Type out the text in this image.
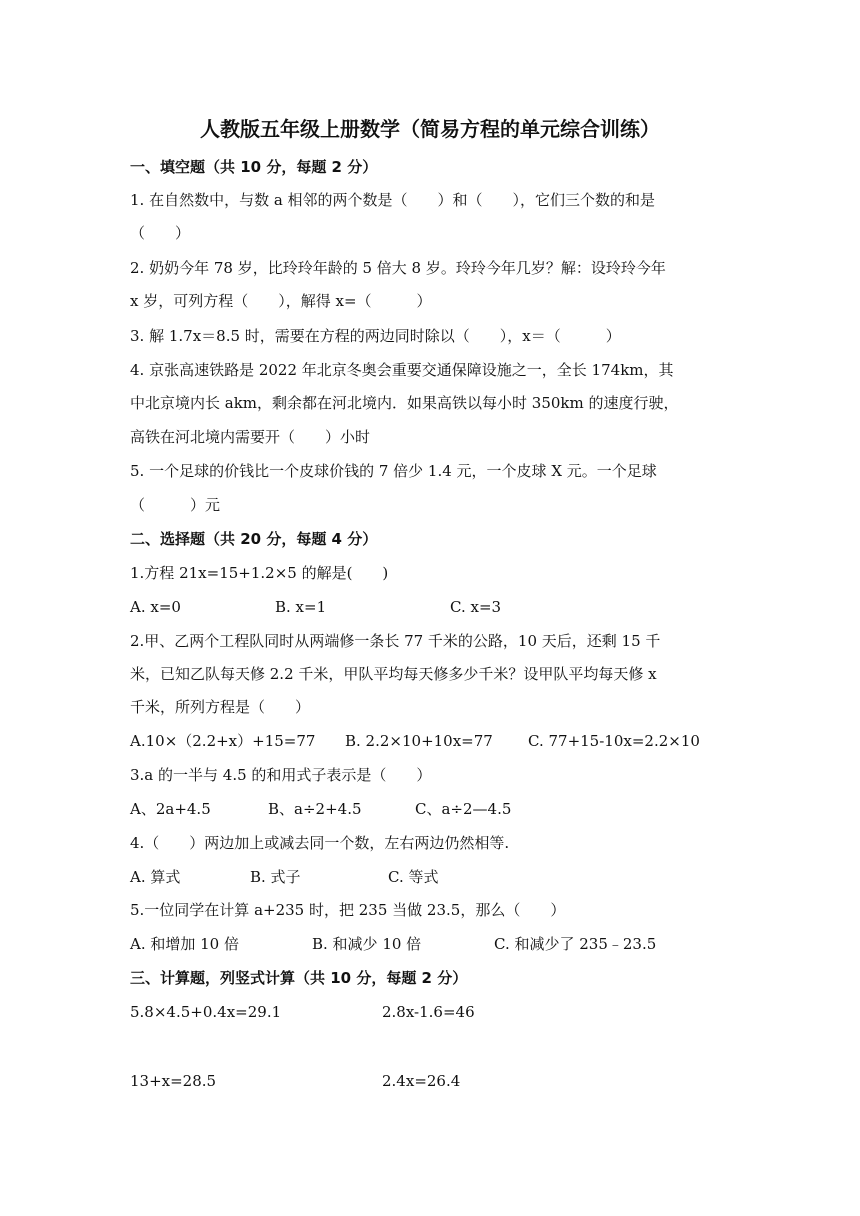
人教版五年级上册数学（简易方程的单元综合训练）
一、填空题（共 10 分，每题 2 分）
1. 在自然数中，与数 a 相邻的两个数是（　　）和（　　），它们三个数的和是
（　　）
2. 奶奶今年 78 岁，比玲玲年龄的 5 倍大 8 岁。玲玲今年几岁？解：设玲玲今年
x 岁，可列方程（　　），解得 x=（　　　）
3. 解 1.7x＝8.5 时，需要在方程的两边同时除以（　　），x＝（　　　）
4. 京张高速铁路是 2022 年北京冬奥会重要交通保障设施之一，全长 174km，其
中北京境内长 akm，剩余都在河北境内．如果高铁以每小时 350km 的速度行驶，
高铁在河北境内需要开（　　）小时
5. 一个足球的价钱比一个皮球价钱的 7 倍少 1.4 元，一个皮球 X 元。一个足球
（　　　）元
二、选择题（共 20 分，每题 4 分）
1.方程 21x=15+1.2×5 的解是(　　)
A. x=0	B. x=1	C. x=3
2.甲、乙两个工程队同时从两端修一条长 77 千米的公路，10 天后，还剩 15 千
米，已知乙队每天修 2.2 千米，甲队平均每天修多少千米？设甲队平均每天修 x
千米，所列方程是（　　）
A.10×（2.2+x）+15=77 B. 2.2×10+10x=77 C. 77+15-10x=2.2×10
3.a 的一半与 4.5 的和用式子表示是（　　）
A、2a+4.5	B、a÷2+4.5	C、a÷2—4.5
4.（　　）两边加上或减去同一个数，左右两边仍然相等.
A. 算式	B. 式子	C. 等式
5.一位同学在计算 a+235 时，把 235 当做 23.5，那么（　　）
A. 和增加 10 倍	B. 和减少 10 倍	C. 和减少了 235﹣23.5
三、计算题，列竖式计算（共 10 分，每题 2 分）
5.8×4.5+0.4x=29.1	2.8x-1.6=46
13+x=28.5	2.4x=26.4
